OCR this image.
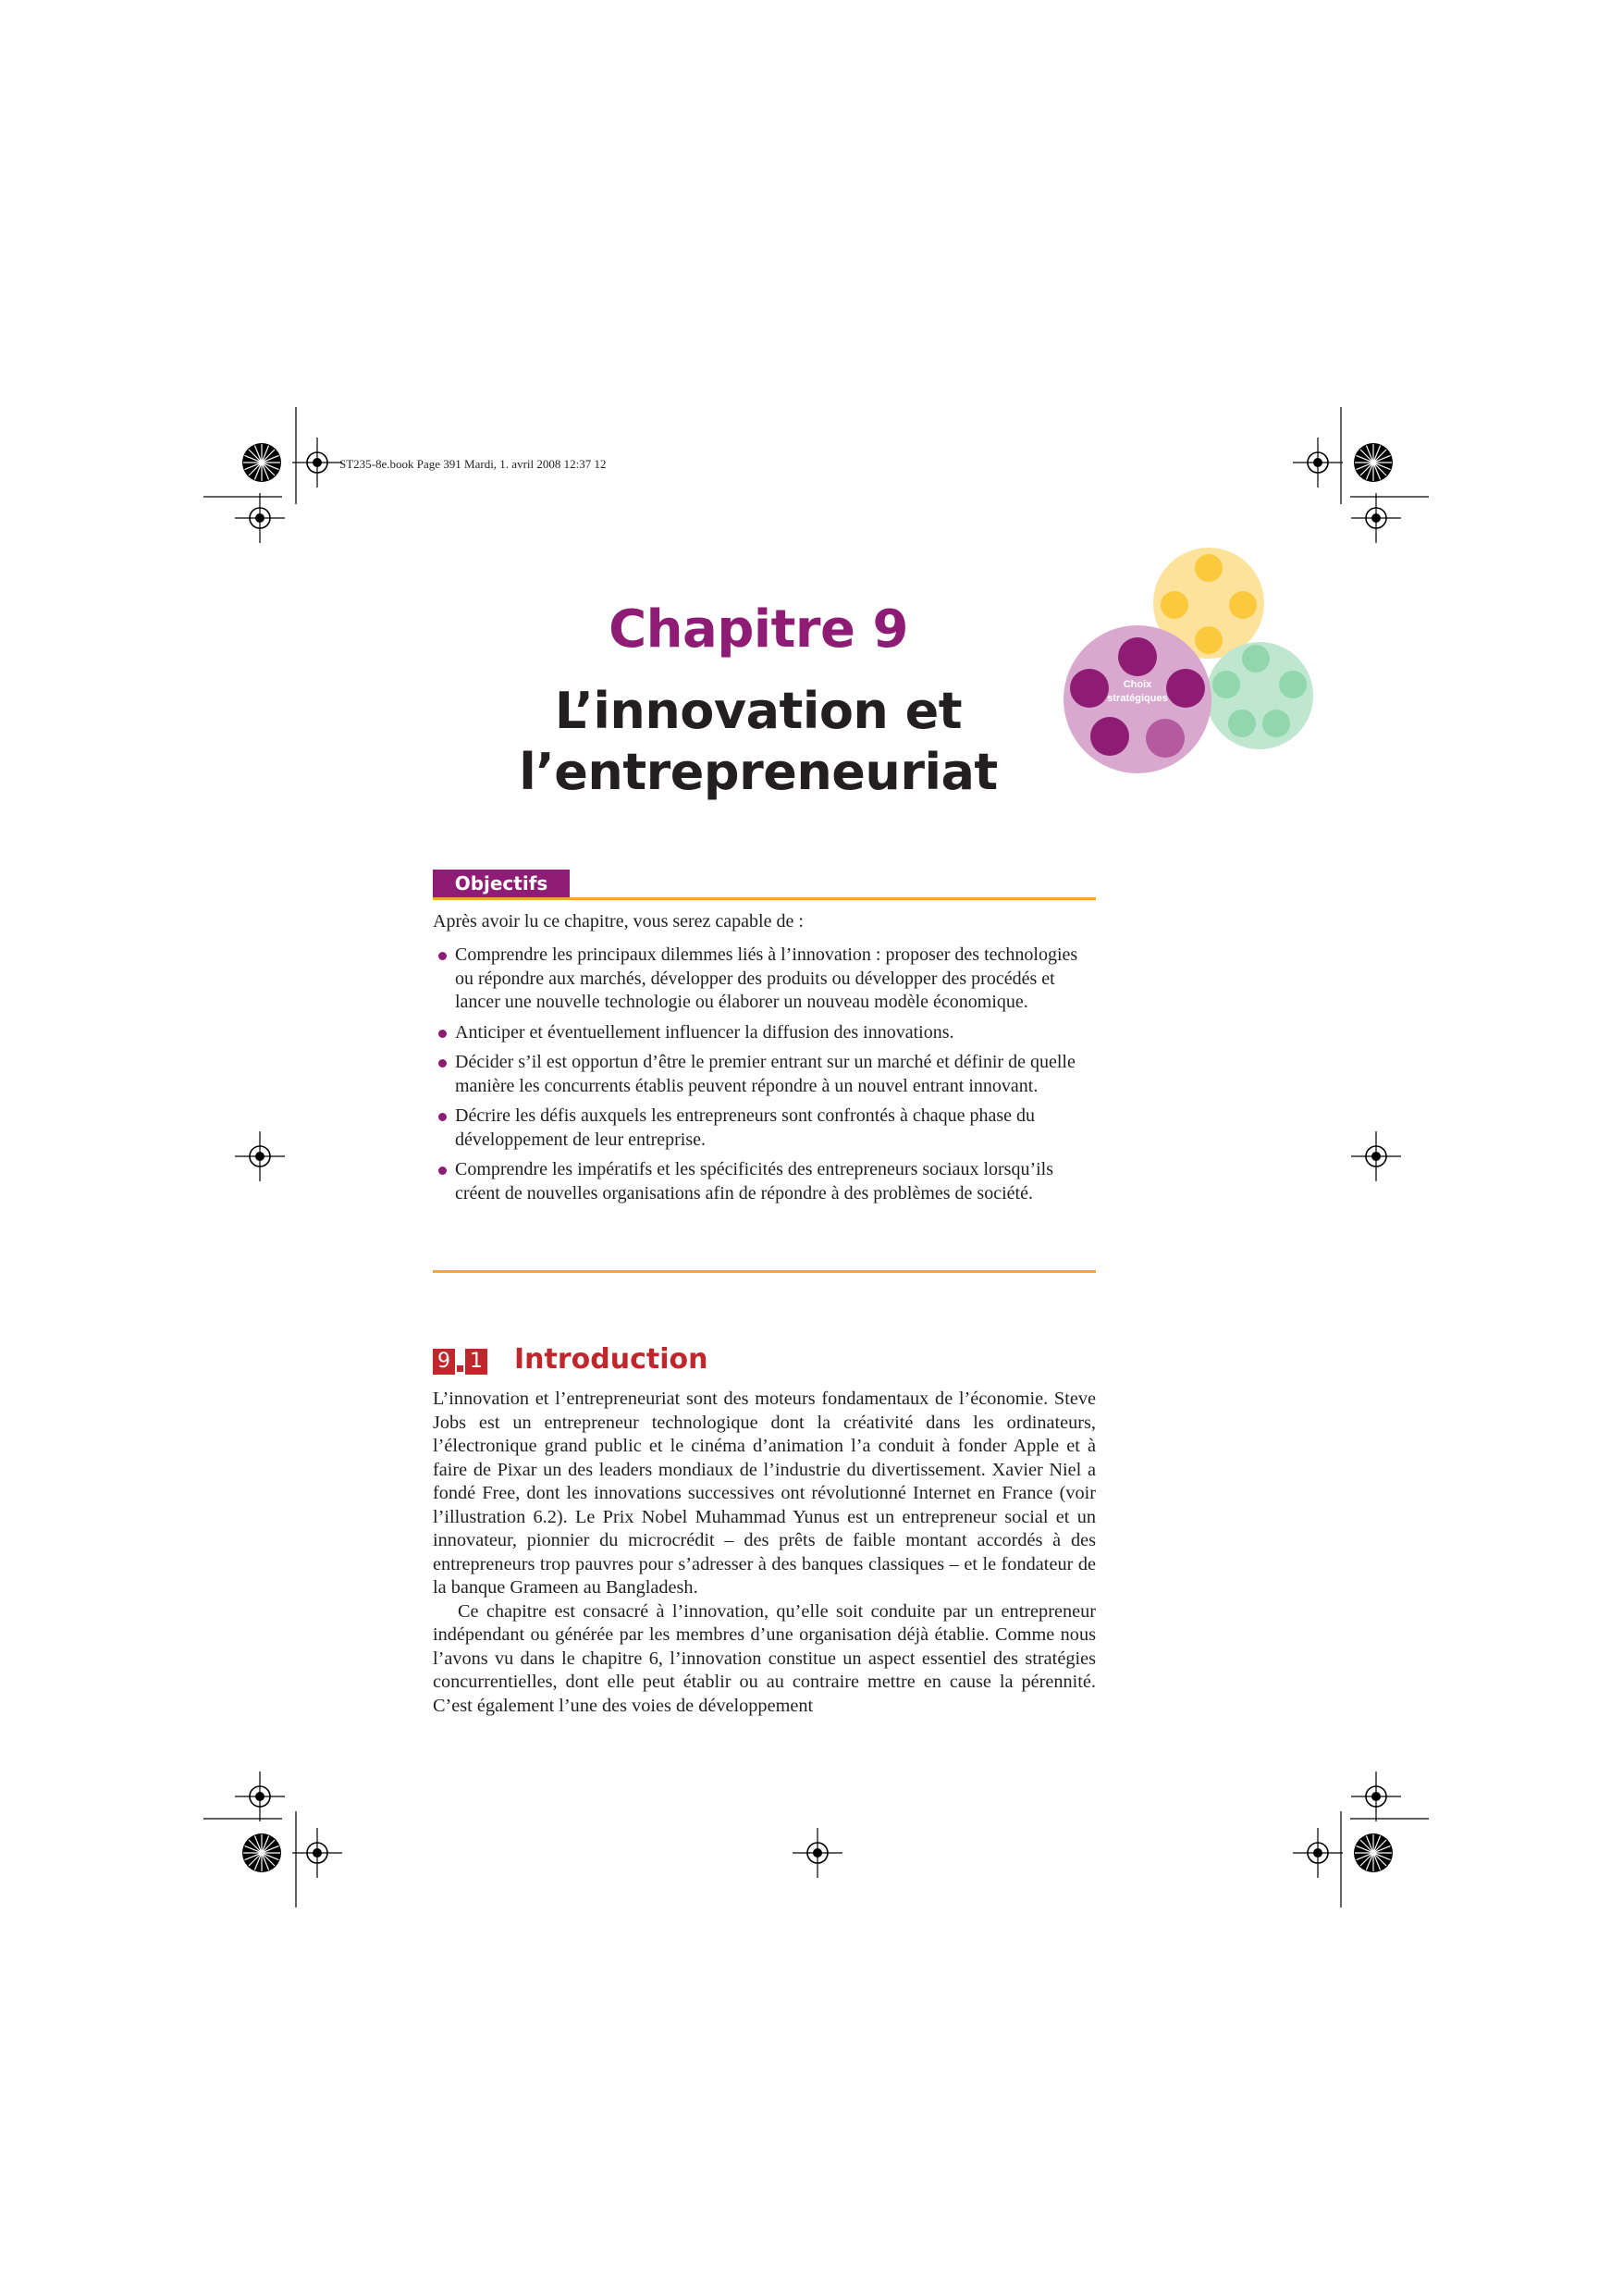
ST235-8e.book Page 391 Mardi, 1. avril 2008 12:37 12
Chapitre 9
L’innovation et
l’entrepreneuriat
Choix
stratégiques
Objectifs
Après avoir lu ce chapitre, vous serez capable de :
Comprendre les principaux dilemmes liés à l’innovation : proposer des technologies ou répondre aux marchés, développer des produits ou développer des procédés et lancer une nouvelle technologie ou élaborer un nouveau modèle économique.
Anticiper et éventuellement influencer la diffusion des innovations.
Décider s’il est opportun d’être le premier entrant sur un marché et définir de quelle manière les concurrents établis peuvent répondre à un nouvel entrant innovant.
Décrire les défis auxquels les entrepreneurs sont confrontés à chaque phase du développement de leur entreprise.
Comprendre les impératifs et les spécificités des entrepreneurs sociaux lorsqu’ils créent de nouvelles organisations afin de répondre à des problèmes de société.
9 1 Introduction

L’innovation et l’entrepreneuriat sont des moteurs fondamentaux de l’économie. Steve Jobs est un entrepreneur technologique dont la créativité dans les ordinateurs, l’électronique grand public et le cinéma d’animation l’a conduit à fonder Apple et à faire de Pixar un des leaders mondiaux de l’industrie du divertissement. Xavier Niel a fondé Free, dont les innovations successives ont révolutionné Internet en France (voir l’illustration 6.2). Le Prix Nobel Muhammad Yunus est un entrepreneur social et un innovateur, pionnier du microcrédit – des prêts de faible montant accordés à des entrepreneurs trop pauvres pour s’adresser à des banques classiques – et le fondateur de la banque Grameen au Bangladesh.

Ce chapitre est consacré à l’innovation, qu’elle soit conduite par un entrepreneur indépendant ou générée par les membres d’une organisation déjà établie. Comme nous l’avons vu dans le chapitre 6, l’innovation constitue un aspect essentiel des stratégies concurrentielles, dont elle peut établir ou au contraire mettre en cause la pérennité. C’est également l’une des voies de développement
